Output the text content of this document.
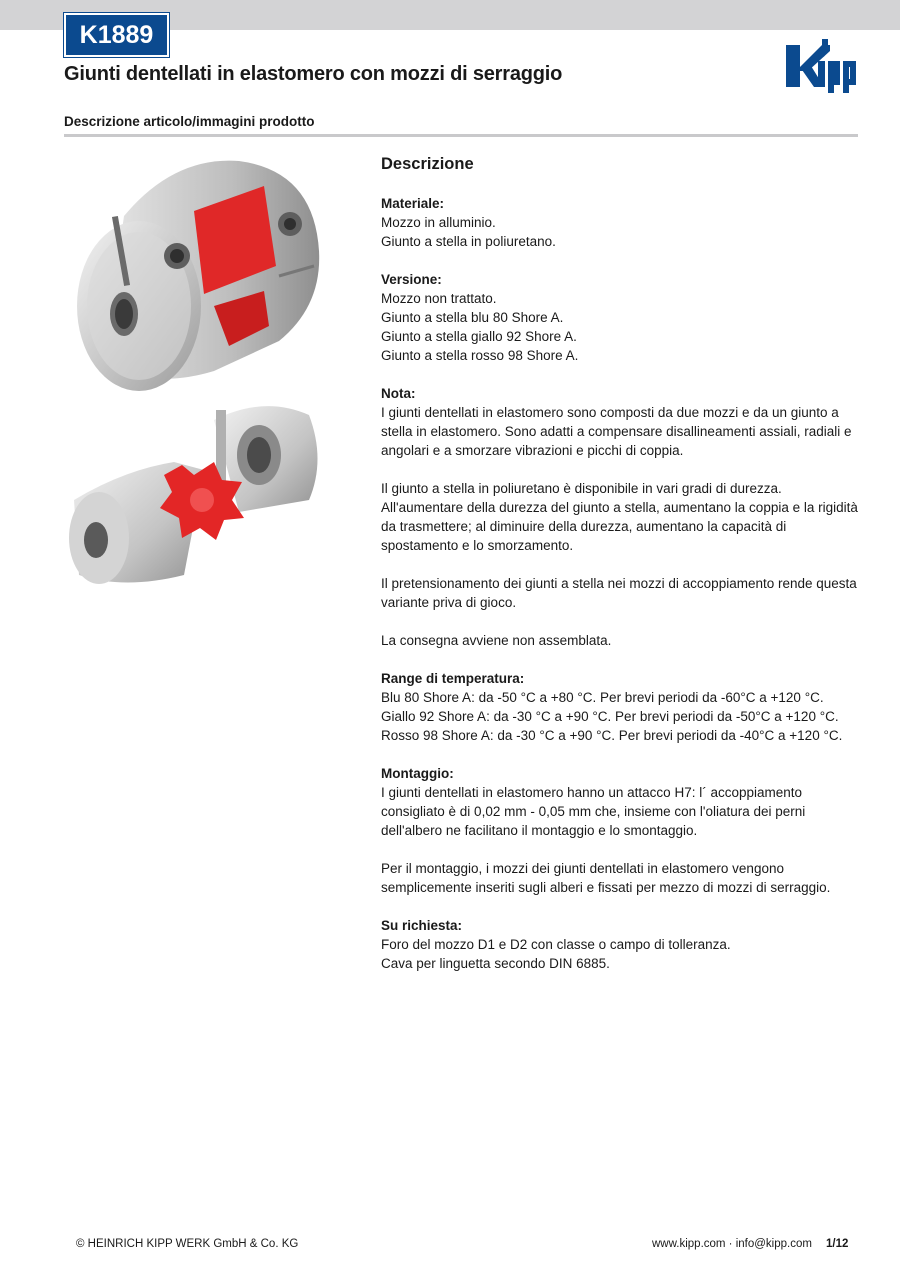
K1889
Giunti dentellati in elastomero con mozzi di serraggio
Descrizione articolo/immagini prodotto
Descrizione
Materiale:
Mozzo in alluminio.
Giunto a stella in poliuretano.
Versione:
Mozzo non trattato.
Giunto a stella blu 80 Shore A.
Giunto a stella giallo 92 Shore A.
Giunto a stella rosso 98 Shore A.
Nota:
I giunti dentellati in elastomero sono composti da due mozzi e da un giunto a stella in elastomero. Sono adatti a compensare disallineamenti assiali, radiali e angolari e a smorzare vibrazioni e picchi di coppia.
Il giunto a stella in poliuretano è disponibile in vari gradi di durezza. All'aumentare della durezza del giunto a stella, aumentano la coppia e la rigidità da trasmettere; al diminuire della durezza, aumentano la capacità di spostamento e lo smorzamento.
Il pretensionamento dei giunti a stella nei mozzi di accoppiamento rende questa variante priva di gioco.
La consegna avviene non assemblata.
Range di temperatura:
Blu 80 Shore A: da -50 °C a +80 °C. Per brevi periodi da -60°C a +120 °C.
Giallo 92 Shore A: da -30 °C a +90 °C. Per brevi periodi da -50°C a +120 °C.
Rosso 98 Shore A: da -30 °C a +90 °C. Per brevi periodi da -40°C a +120 °C.
Montaggio:
I giunti dentellati in elastomero hanno un attacco H7: l´ accoppiamento consigliato è di 0,02 mm - 0,05 mm che, insieme con l'oliatura dei perni dell'albero ne facilitano il montaggio e lo smontaggio.
Per il montaggio, i mozzi dei giunti dentellati in elastomero vengono semplicemente inseriti sugli alberi e fissati per mezzo di mozzi di serraggio.
Su richiesta:
Foro del mozzo D1 e D2 con classe o campo di tolleranza.
Cava per linguetta secondo DIN 6885.
© HEINRICH KIPP WERK GmbH & Co. KG	www.kipp.com · info@kipp.com 1/12
